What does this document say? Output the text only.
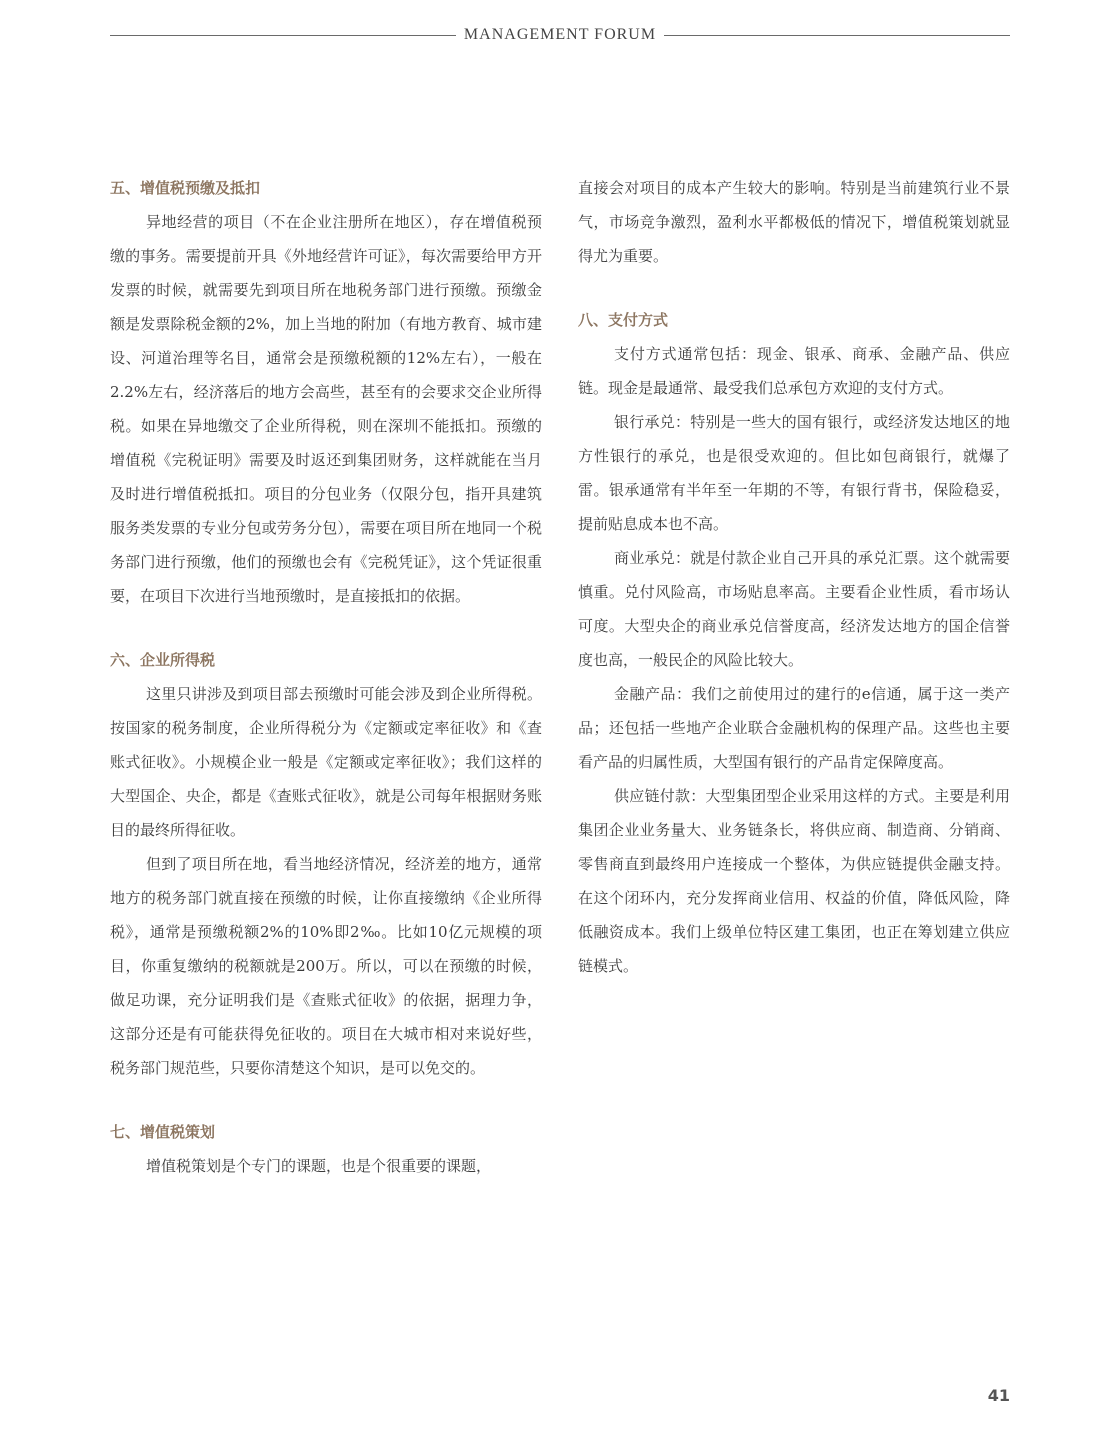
MANAGEMENT FORUM
五、增值税预缴及抵扣

异地经营的项目（不在企业注册所在地区），存在增值税预缴的事务。需要提前开具《外地经营许可证》，每次需要给甲方开发票的时候，就需要先到项目所在地税务部门进行预缴。预缴金额是发票除税金额的2%，加上当地的附加（有地方教育、城市建设、河道治理等名目，通常会是预缴税额的12%左右），一般在2.2%左右，经济落后的地方会高些，甚至有的会要求交企业所得税。如果在异地缴交了企业所得税，则在深圳不能抵扣。预缴的增值税《完税证明》需要及时返还到集团财务，这样就能在当月及时进行增值税抵扣。项目的分包业务（仅限分包，指开具建筑服务类发票的专业分包或劳务分包），需要在项目所在地同一个税务部门进行预缴，他们的预缴也会有《完税凭证》，这个凭证很重要，在项目下次进行当地预缴时，是直接抵扣的依据。

六、企业所得税

这里只讲涉及到项目部去预缴时可能会涉及到企业所得税。按国家的税务制度，企业所得税分为《定额或定率征收》和《查账式征收》。小规模企业一般是《定额或定率征收》；我们这样的大型国企、央企，都是《查账式征收》，就是公司每年根据财务账目的最终所得征收。

但到了项目所在地，看当地经济情况，经济差的地方，通常地方的税务部门就直接在预缴的时候，让你直接缴纳《企业所得税》，通常是预缴税额2%的10%即2‰。比如10亿元规模的项目，你重复缴纳的税额就是200万。所以，可以在预缴的时候，做足功课，充分证明我们是《查账式征收》的依据，据理力争，这部分还是有可能获得免征收的。项目在大城市相对来说好些，税务部门规范些，只要你清楚这个知识，是可以免交的。

七、增值税策划

增值税策划是个专门的课题，也是个很重要的课题，

直接会对项目的成本产生较大的影响。特别是当前建筑行业不景气，市场竞争激烈，盈利水平都极低的情况下，增值税策划就显得尤为重要。

八、支付方式

支付方式通常包括：现金、银承、商承、金融产品、供应链。现金是最通常、最受我们总承包方欢迎的支付方式。

银行承兑：特别是一些大的国有银行，或经济发达地区的地方性银行的承兑，也是很受欢迎的。但比如包商银行，就爆了雷。银承通常有半年至一年期的不等，有银行背书，保险稳妥，提前贴息成本也不高。

商业承兑：就是付款企业自己开具的承兑汇票。这个就需要慎重。兑付风险高，市场贴息率高。主要看企业性质，看市场认可度。大型央企的商业承兑信誉度高，经济发达地方的国企信誉度也高，一般民企的风险比较大。

金融产品：我们之前使用过的建行的e信通，属于这一类产品；还包括一些地产企业联合金融机构的保理产品。这些也主要看产品的归属性质，大型国有银行的产品肯定保障度高。

供应链付款：大型集团型企业采用这样的方式。主要是利用集团企业业务量大、业务链条长，将供应商、制造商、分销商、零售商直到最终用户连接成一个整体，为供应链提供金融支持。在这个闭环内，充分发挥商业信用、权益的价值，降低风险，降低融资成本。我们上级单位特区建工集团，也正在筹划建立供应链模式。

41
